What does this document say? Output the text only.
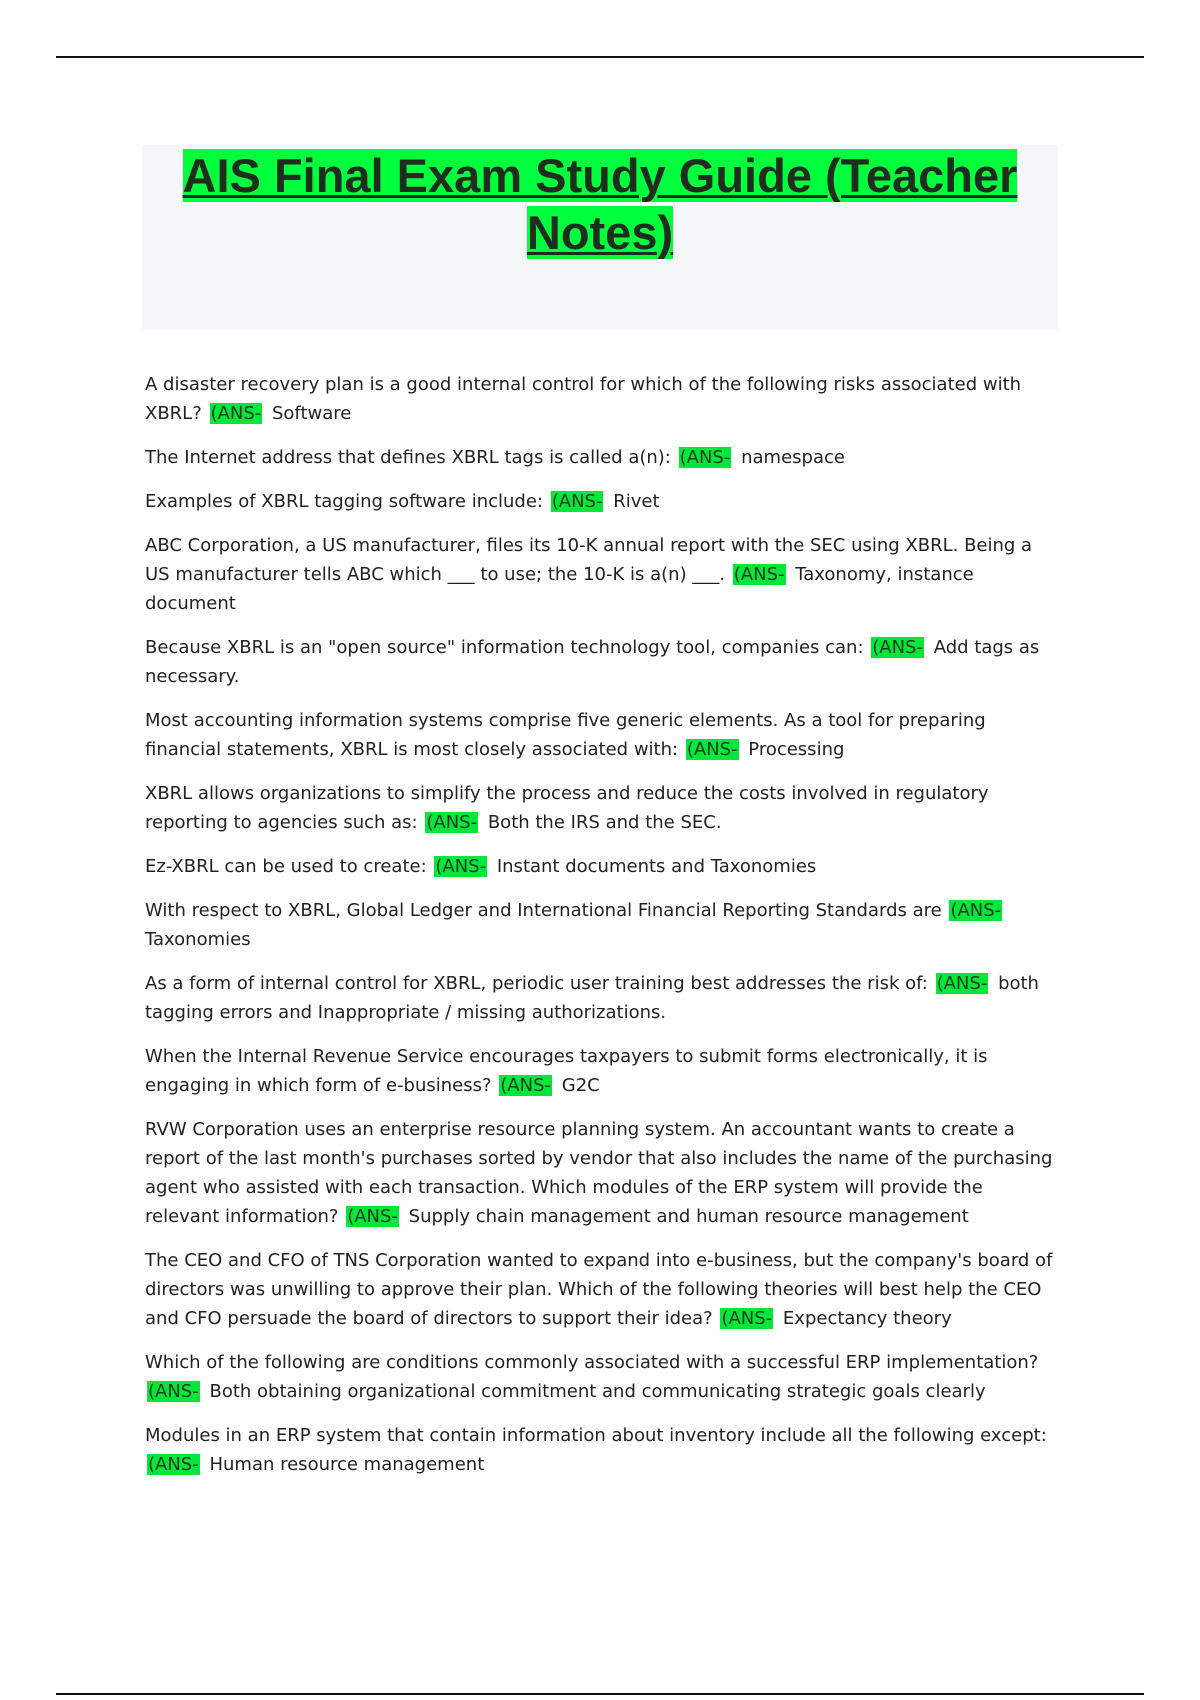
AIS Final Exam Study Guide (Teacher Notes)
A disaster recovery plan is a good internal control for which of the following risks associated with XBRL? (ANS- Software
The Internet address that defines XBRL tags is called a(n): (ANS- namespace
Examples of XBRL tagging software include: (ANS- Rivet
ABC Corporation, a US manufacturer, files its 10-K annual report with the SEC using XBRL. Being a US manufacturer tells ABC which ___ to use; the 10-K is a(n) ___. (ANS- Taxonomy, instance document
Because XBRL is an "open source" information technology tool, companies can: (ANS- Add tags as necessary.
Most accounting information systems comprise five generic elements. As a tool for preparing financial statements, XBRL is most closely associated with: (ANS- Processing
XBRL allows organizations to simplify the process and reduce the costs involved in regulatory reporting to agencies such as: (ANS- Both the IRS and the SEC.
Ez-XBRL can be used to create: (ANS- Instant documents and Taxonomies
With respect to XBRL, Global Ledger and International Financial Reporting Standards are (ANS- Taxonomies
As a form of internal control for XBRL, periodic user training best addresses the risk of: (ANS- both tagging errors and Inappropriate / missing authorizations.
When the Internal Revenue Service encourages taxpayers to submit forms electronically, it is engaging in which form of e-business? (ANS- G2C
RVW Corporation uses an enterprise resource planning system. An accountant wants to create a report of the last month's purchases sorted by vendor that also includes the name of the purchasing agent who assisted with each transaction. Which modules of the ERP system will provide the relevant information? (ANS- Supply chain management and human resource management
The CEO and CFO of TNS Corporation wanted to expand into e-business, but the company's board of directors was unwilling to approve their plan. Which of the following theories will best help the CEO and CFO persuade the board of directors to support their idea? (ANS- Expectancy theory
Which of the following are conditions commonly associated with a successful ERP implementation? (ANS- Both obtaining organizational commitment and communicating strategic goals clearly
Modules in an ERP system that contain information about inventory include all the following except: (ANS- Human resource management
